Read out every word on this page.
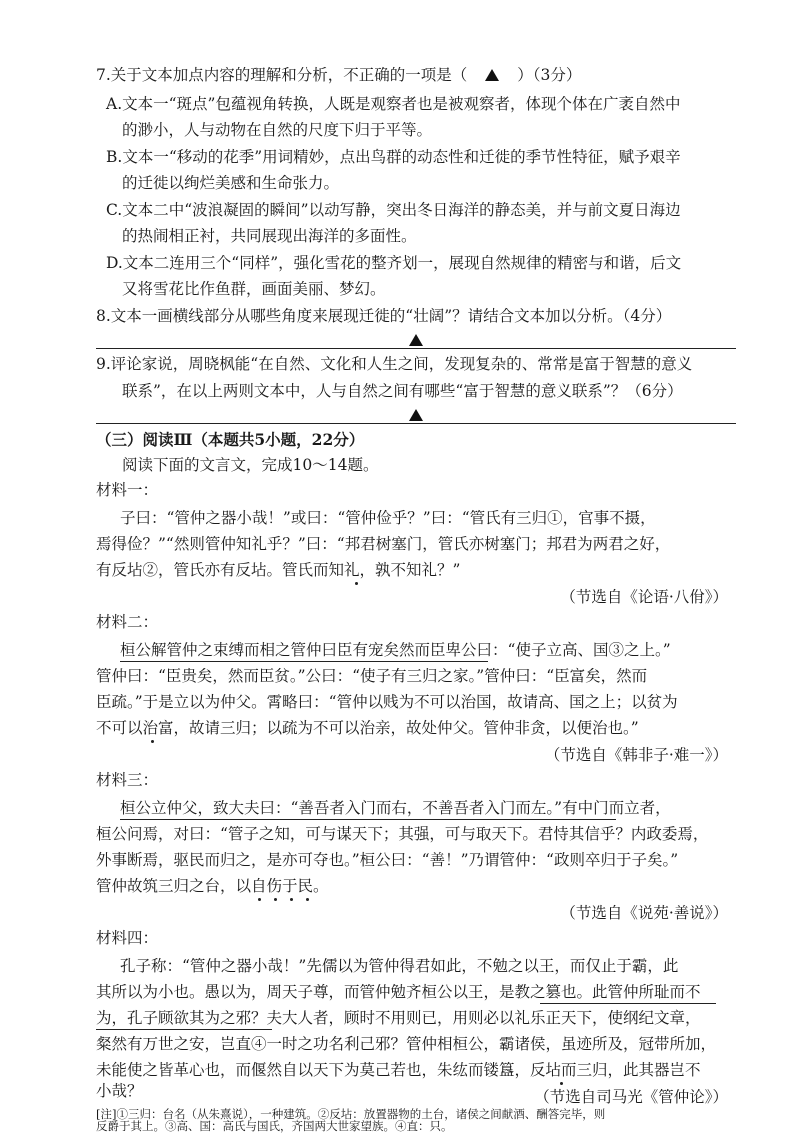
7.关于文本加点内容的理解和分析，不正确的一项是（	）（3分）
A.文本一“斑点”包蕴视角转换，人既是观察者也是被观察者，体现个体在广袤自然中
的渺小，人与动物在自然的尺度下归于平等。
B.文本一“移动的花季”用词精妙，点出鸟群的动态性和迁徙的季节性特征，赋予艰辛
的迁徙以绚烂美感和生命张力。
C.文本二中“波浪凝固的瞬间”以动写静，突出冬日海洋的静态美，并与前文夏日海边
的热闹相正衬，共同展现出海洋的多面性。
D.文本二连用三个“同样”，强化雪花的整齐划一，展现自然规律的精密与和谐，后文
又将雪花比作鱼群，画面美丽、梦幻。
8.文本一画横线部分从哪些角度来展现迁徙的“壮阔”？请结合文本加以分析。（4分）
9.评论家说，周晓枫能“在自然、文化和人生之间，发现复杂的、常常是富于智慧的意义
联系”，在以上两则文本中，人与自然之间有哪些“富于智慧的意义联系”？（6分）
（三）阅读Ⅲ（本题共5小题，22分）
阅读下面的文言文，完成10～14题。
材料一：
子曰：“管仲之器小哉！”或曰：“管仲俭乎？”曰：“管氏有三归①，官事不摄，
焉得俭？”“然则管仲知礼乎？”曰：“邦君树塞门，管氏亦树塞门；邦君为两君之好，
有反坫②，管氏亦有反坫。管氏而知礼，孰不知礼？”
（节选自《论语·八佾》）
材料二：
桓公解管仲之束缚而相之管仲曰臣有宠矣然而臣卑公曰：“使子立高、国③之上。”
管仲曰：“臣贵矣，然而臣贫。”公曰：“使子有三归之家。”管仲曰：“臣富矣，然而
臣疏。”于是立以为仲父。霄略曰：“管仲以贱为不可以治国，故请高、国之上；以贫为
不可以治富，故请三归；以疏为不可以治亲，故处仲父。管仲非贪，以便治也。”
（节选自《韩非子·难一》）
材料三：
桓公立仲父，致大夫曰：“善吾者入门而右，不善吾者入门而左。”有中门而立者，
桓公问焉，对曰：“管子之知，可与谋天下；其强，可与取天下。君恃其信乎？内政委焉，
外事断焉，驱民而归之，是亦可夺也。”桓公曰：“善！”乃谓管仲：“政则卒归于子矣。”
管仲故筑三归之台，以自伤于民。
（节选自《说苑·善说》）
材料四：
孔子称：“管仲之器小哉！”先儒以为管仲得君如此，不勉之以王，而仅止于霸，此
其所以为小也。愚以为，周天子尊，而管仲勉齐桓公以王，是教之篡也。此管仲所耻而不
为，孔子顾欲其为之邪？夫大人者，顾时不用则已，用则必以礼乐正天下，使纲纪文章，
粲然有万世之安，岂直④一时之功名利己邪？管仲相桓公，霸诸侯，虽迹所及，冠带所加，
未能使之皆革心也，而偃然自以天下为莫己若也，朱纮而镂簋，反坫而三归，此其器岂不
小哉？	（节选自司马光《管仲论》）
[注]①三归：台名（从朱熹说），一种建筑。②反坫：放置器物的土台，诸侯之间献酒、酬答完毕，则
反爵于其上。③高、国：高氏与国氏，齐国两大世家望族。④直：只。
